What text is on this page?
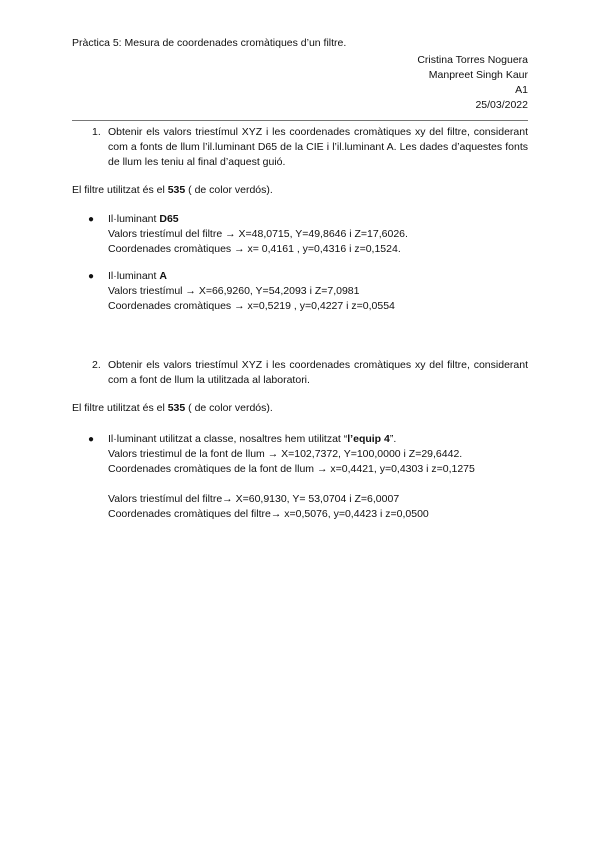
Pràctica 5: Mesura de coordenades cromàtiques d’un filtre.
Cristina Torres Noguera
Manpreet Singh Kaur
A1
25/03/2022
1. Obtenir els valors triestímul XYZ i les coordenades cromàtiques xy del filtre, considerant com a fonts de llum l’il.luminant D65 de la CIE i l’il.luminant A. Les dades d’aquestes fonts de llum les teniu al final d’aquest guió.
El filtre utilitzat és el 535 ( de color verdós).
● Il·luminant D65
Valors triestímul del filtre → X=48,0715, Y=49,8646 i Z=17,6026.
Coordenades cromàtiques → x= 0,4161 , y=0,4316 i z=0,1524.
● Il·luminant A
Valors triestímul → X=66,9260, Y=54,2093 i Z=7,0981
Coordenades cromàtiques → x=0,5219 , y=0,4227 i z=0,0554
2. Obtenir els valors triestímul XYZ i les coordenades cromàtiques xy del filtre, considerant com a font de llum la utilitzada al laboratori.
El filtre utilitzat és el 535 ( de color verdós).
● Il·luminant utilitzat a classe, nosaltres hem utilitzat “l’equip 4”.
Valors triestimul de la font de llum → X=102,7372, Y=100,0000 i Z=29,6442.
Coordenades cromàtiques de la font de llum → x=0,4421, y=0,4303 i z=0,1275
Valors triestímul del filtre→ X=60,9130, Y= 53,0704 i Z=6,0007
Coordenades cromàtiques del filtre→ x=0,5076, y=0,4423 i z=0,0500
